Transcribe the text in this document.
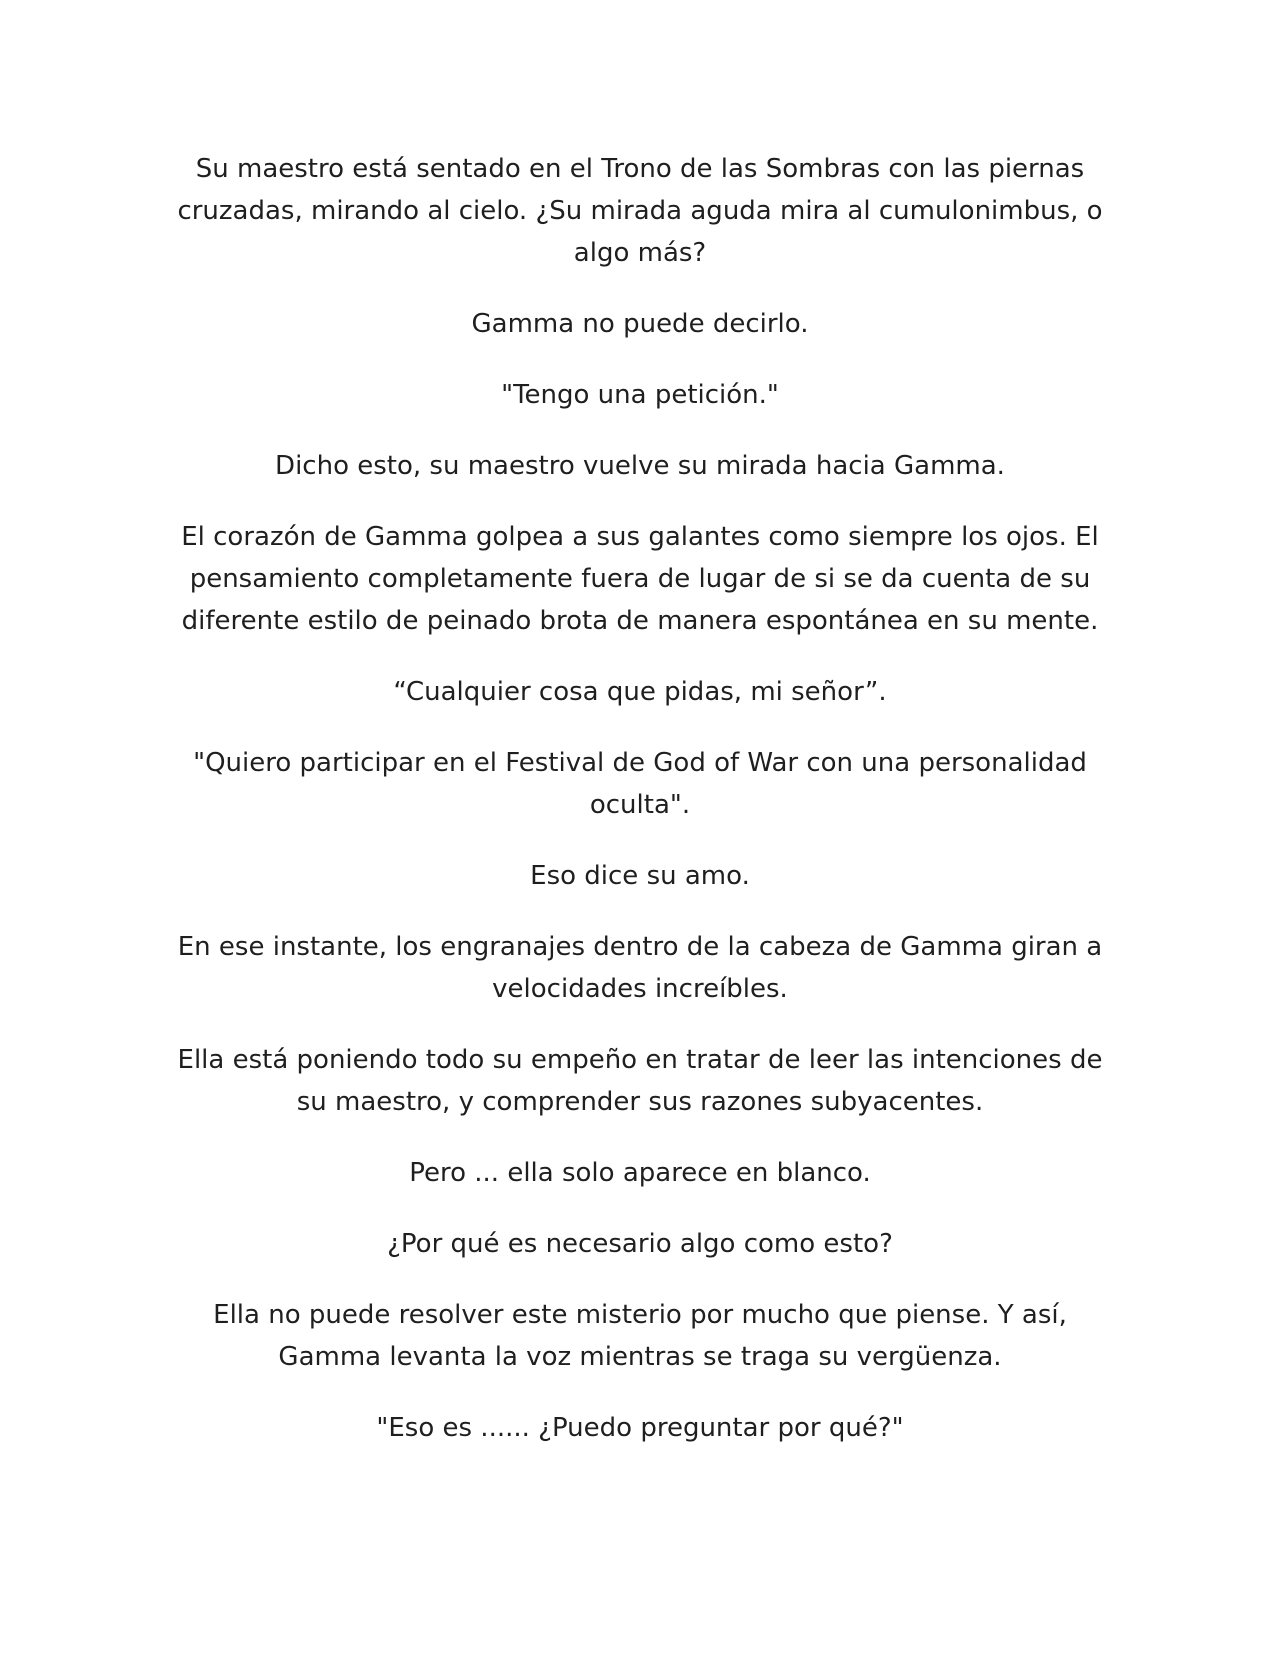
Su maestro está sentado en el Trono de las Sombras con las piernas cruzadas, mirando al cielo. ¿Su mirada aguda mira al cumulonimbus, o algo más?

Gamma no puede decirlo.

"Tengo una petición."

Dicho esto, su maestro vuelve su mirada hacia Gamma.

El corazón de Gamma golpea a sus galantes como siempre los ojos. El pensamiento completamente fuera de lugar de si se da cuenta de su diferente estilo de peinado brota de manera espontánea en su mente.

“Cualquier cosa que pidas, mi señor”.

"Quiero participar en el Festival de God of War con una personalidad oculta".

Eso dice su amo.

En ese instante, los engranajes dentro de la cabeza de Gamma giran a velocidades increíbles.

Ella está poniendo todo su empeño en tratar de leer las intenciones de su maestro, y comprender sus razones subyacentes.

Pero ... ella solo aparece en blanco.

¿Por qué es necesario algo como esto?

Ella no puede resolver este misterio por mucho que piense. Y así, Gamma levanta la voz mientras se traga su vergüenza.

"Eso es ...... ¿Puedo preguntar por qué?"
